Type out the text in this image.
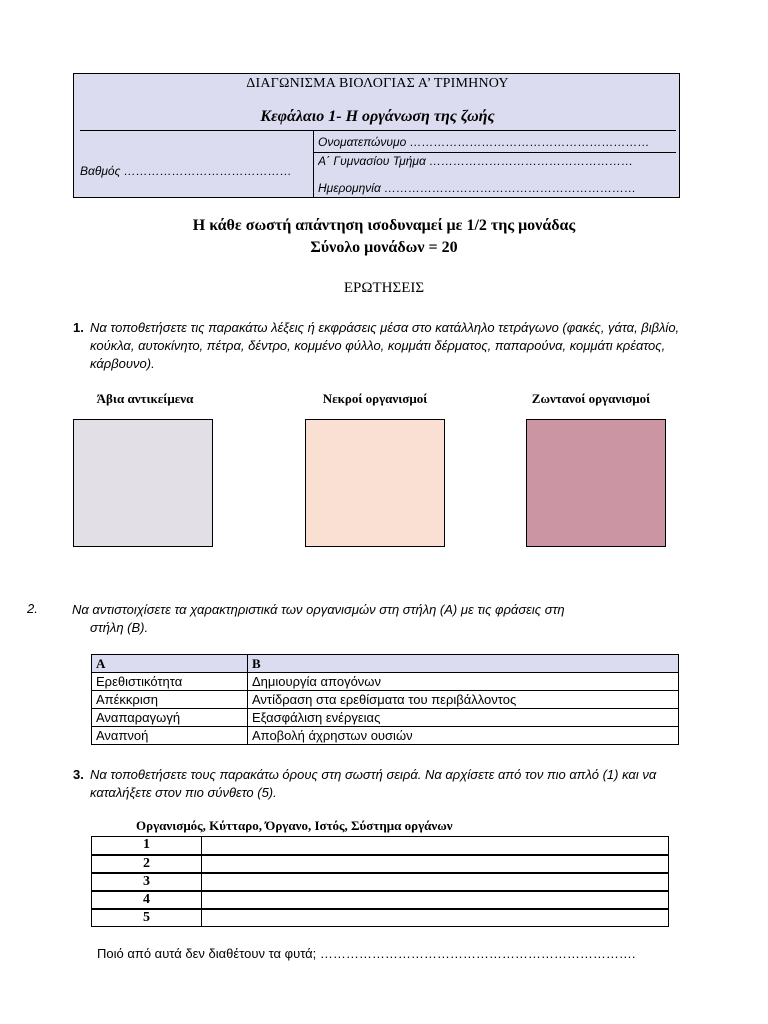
ΔΙΑΓΩΝΙΣΜΑ ΒΙΟΛΟΓΙΑΣ Α’ ΤΡΙΜΗΝΟΥ
Κεφάλαιο 1- Η οργάνωση της ζωής
Βαθμός ……………………………………
Ονοματεπώνυμο ……………………………………………………
Α΄ Γυμνασίου Τμήμα ……………………………………………
Ημερομηνία ………………………………………………………
Η κάθε σωστή απάντηση ισοδυναμεί με 1/2 της μονάδας
Σύνολο μονάδων = 20
ΕΡΩΤΗΣΕΙΣ
1. Να τοποθετήσετε τις παρακάτω λέξεις ή εκφράσεις μέσα στο κατάλληλο τετράγωνο (φακές, γάτα, βιβλίο, κούκλα, αυτοκίνητο, πέτρα, δέντρο, κομμένο φύλλο, κομμάτι δέρματος, παπαρούνα, κομμάτι κρέατος, κάρβουνο).
Άβια αντικείμενα	Νεκροί οργανισμοί	Ζωντανοί οργανισμοί
2.	Να αντιστοιχίσετε τα χαρακτηριστικά των οργανισμών στη στήλη (Α) με τις φράσεις στη
στήλη (Β).
Α	Β
Ερεθιστικότητα	Δημιουργία απογόνων
Απέκκριση	Αντίδραση στα ερεθίσματα του περιβάλλοντος
Αναπαραγωγή	Εξασφάλιση ενέργειας
Αναπνοή	Αποβολή άχρηστων ουσιών
3. Να τοποθετήσετε τους παρακάτω όρους στη σωστή σειρά. Να αρχίσετε από τον πιο απλό (1) και να καταλήξετε στον πιο σύνθετο (5).
Οργανισμός, Κύτταρο, Όργανο, Ιστός, Σύστημα οργάνων
1	
2	
3	
4	
5	
Ποιό από αυτά δεν διαθέτουν τα φυτά; ……………………………………………………………….
